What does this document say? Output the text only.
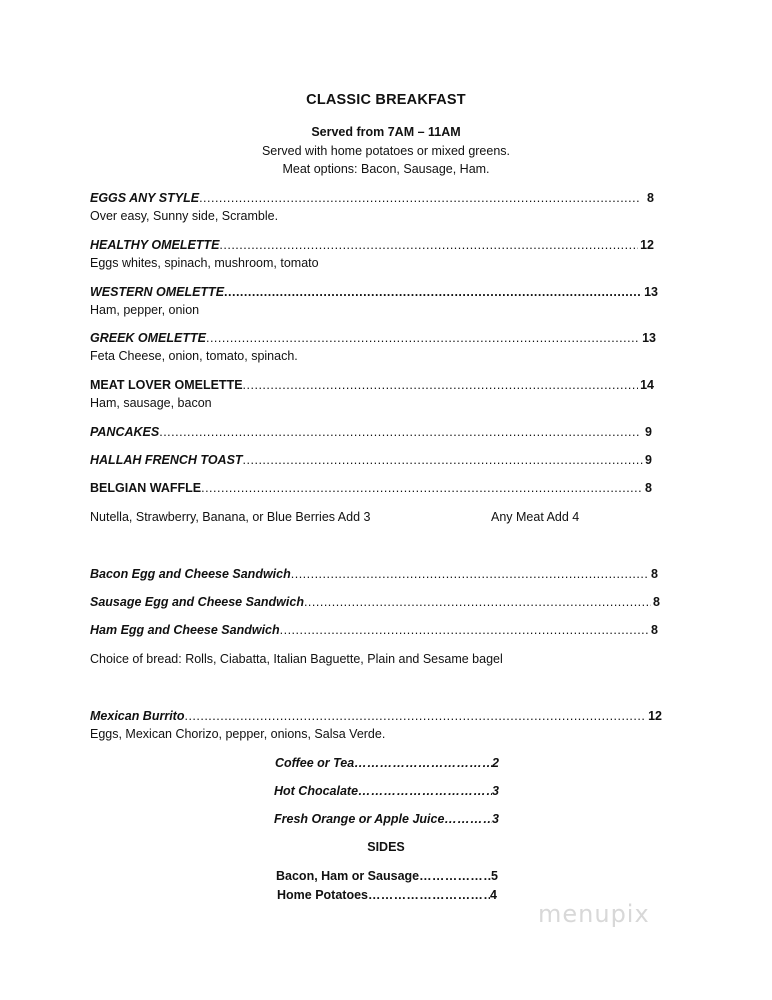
CLASSIC BREAKFAST
Served from 7AM – 11AM
Served with home potatoes or mixed greens.
Meat options: Bacon, Sausage, Ham.
EGGS ANY STYLE .....	8
Over easy, Sunny side, Scramble.
HEALTHY OMELETTE .....	12
Eggs whites, spinach, mushroom, tomato
WESTERN OMELETTE .....	13
Ham, pepper, onion
GREEK OMELETTE .....	13
Feta Cheese, onion, tomato, spinach.
MEAT LOVER OMELETTE .....	14
Ham, sausage, bacon
PANCAKES .....	9
HALLAH FRENCH TOAST .....	9
BELGIAN WAFFLE .....	8
Nutella, Strawberry, Banana, or Blue Berries Add 3	Any Meat Add 4
Bacon Egg and Cheese Sandwich .....	8
Sausage Egg and Cheese Sandwich .....	8
Ham Egg and Cheese Sandwich .....	8
Choice of bread: Rolls, Ciabatta, Italian Baguette, Plain and Sesame bagel
Mexican Burrito .....	12
Eggs, Mexican Chorizo, pepper, onions, Salsa Verde.
Coffee or Tea ……………………………………………………………………………………………………………………………………	2
Hot Chocalate ……………………………………………………………………………………………………………………………………	3
Fresh Orange or Apple Juice ……………………………………………………………………………………………………………………………………	3
SIDES
Bacon, Ham or Sausage ……………………………………………………………………………………………………………………………………	5
Home Potatoes ……………………………………………………………………………………………………………………………………	4
menupix
